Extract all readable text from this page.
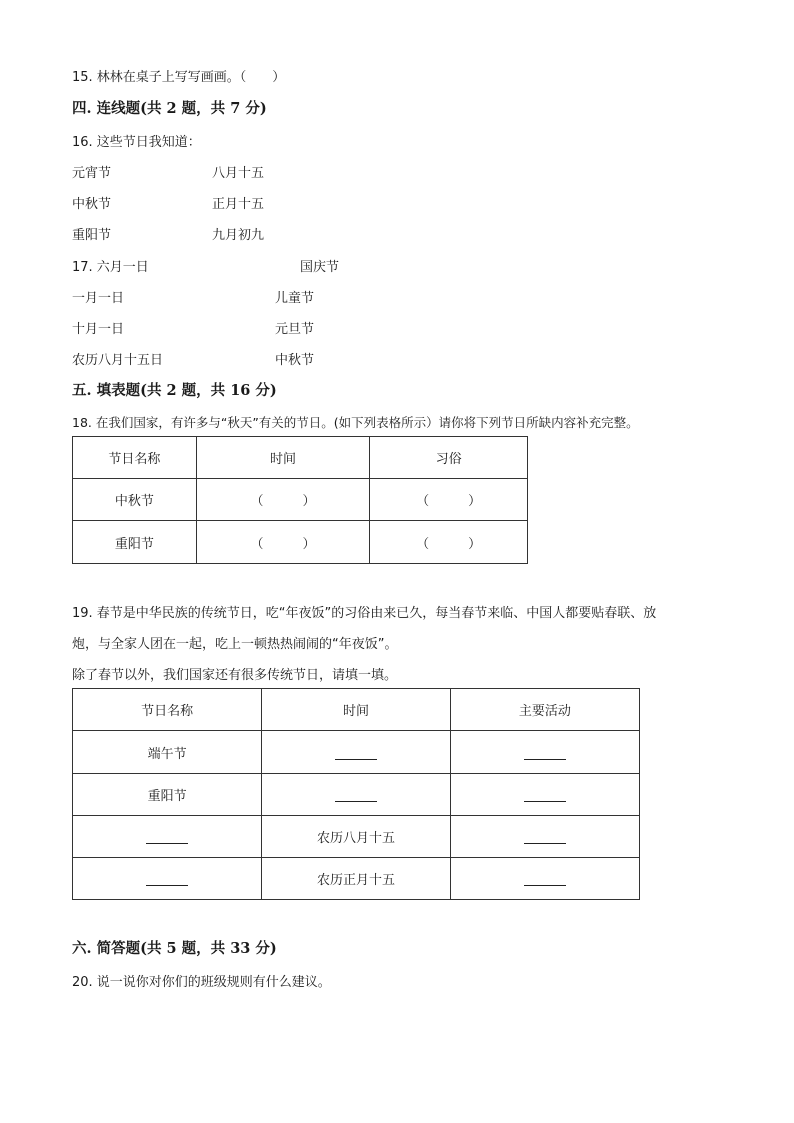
15. 林林在桌子上写写画画。（　　）
四. 连线题(共 2 题，共 7 分)
16. 这些节日我知道：
元宵节
中秋节
重阳节
八月十五
正月十五
九月初九
17. 六月一日
一月一日
十月一日
农历八月十五日
国庆节
儿童节
元旦节
中秋节
五. 填表题(共 2 题，共 16 分)
18. 在我们国家，有许多与“秋天”有关的节日。(如下列表格所示）请你将下列节日所缺内容补充完整。
节日名称	时间	习俗
中秋节	（　　　）	（　　　）
重阳节	（　　　）	（　　　）
19. 春节是中华民族的传统节日，吃“年夜饭”的习俗由来已久，每当春节来临、中国人都要贴春联、放
炮，与全家人团在一起，吃上一顿热热闹闹的“年夜饭”。
除了春节以外，我们国家还有很多传统节日，请填一填。
节日名称	时间	主要活动
端午节		
重阳节		
	农历八月十五	
	农历正月十五	
六. 简答题(共 5 题，共 33 分)
20. 说一说你对你们的班级规则有什么建议。
